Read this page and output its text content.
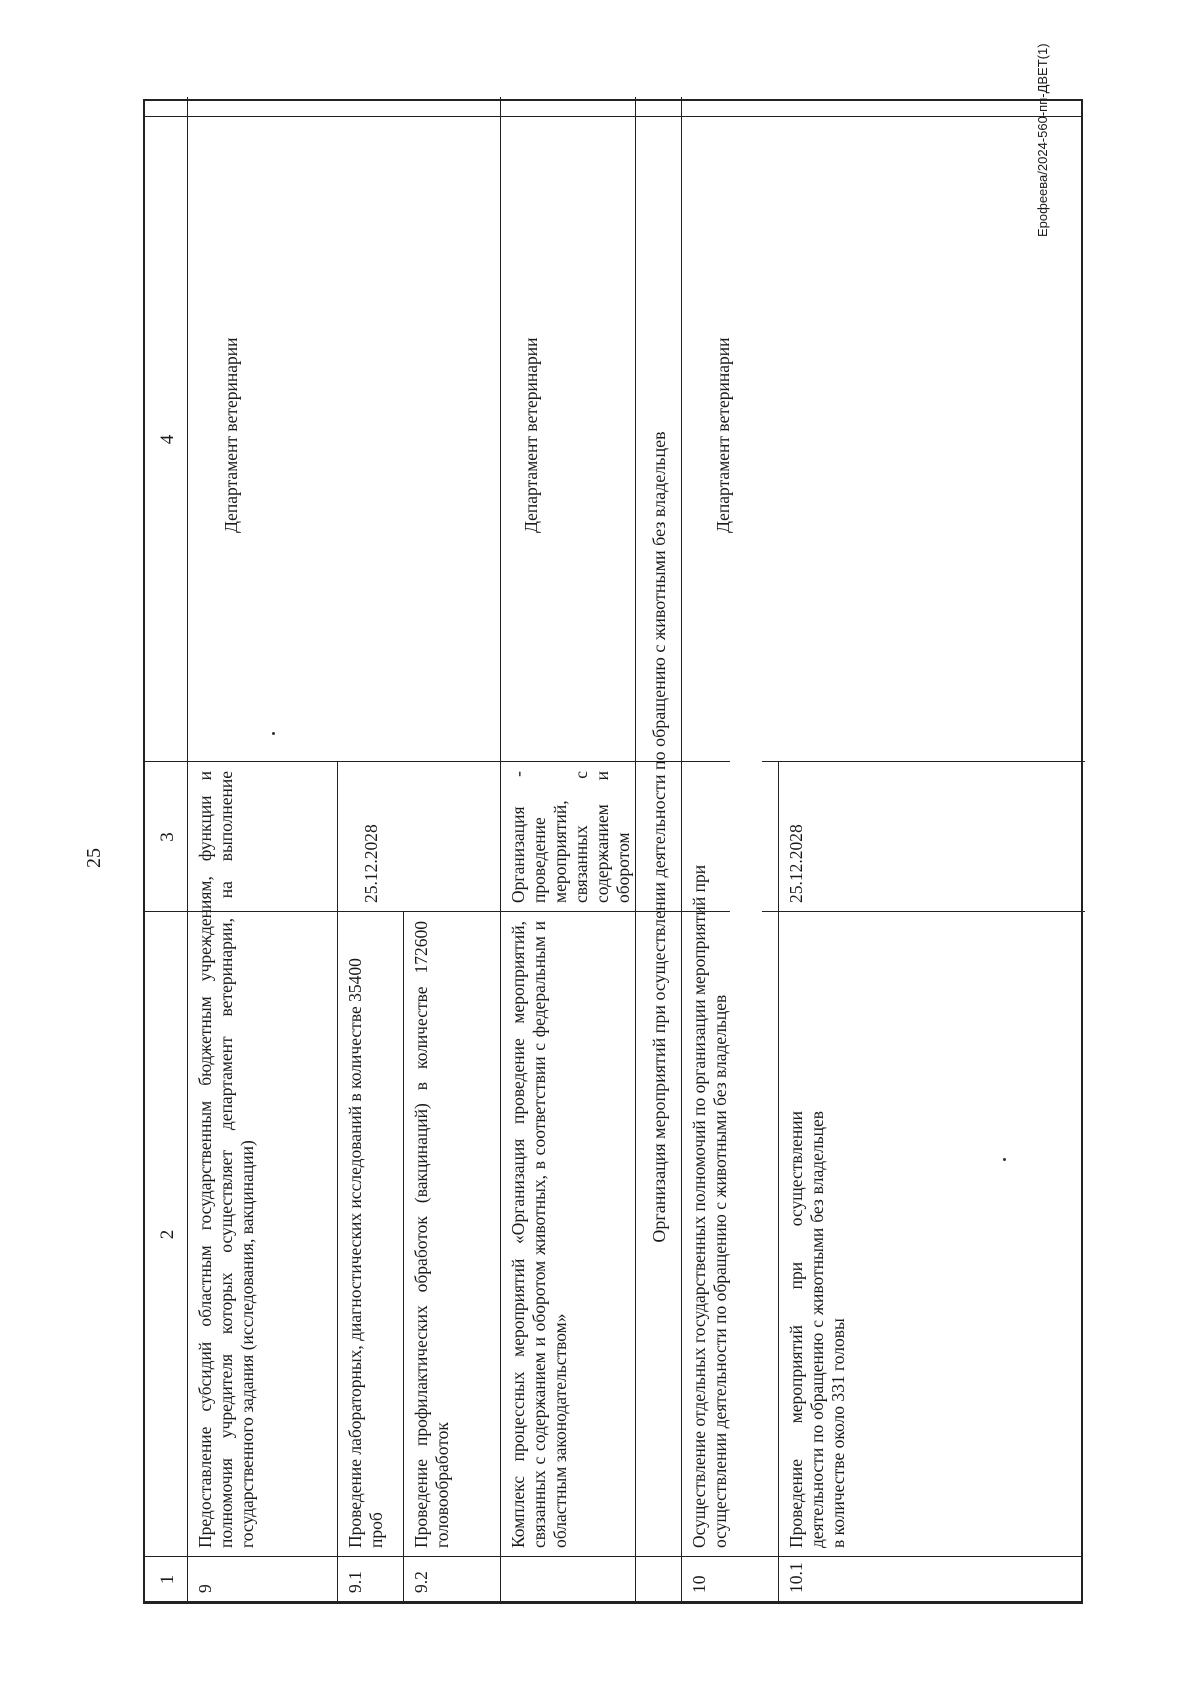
25
Ерофеева/2024-560-пп-ДВЕТ(1)
1
2
3
4
9
Предоставление субсидий областным государственным бюджетным учреждениям, функции и полномочия учредителя которых осуществляет департамент ветеринарии, на выполнение государственного задания (исследования, вакцинации)
Департамент ветеринарии
9.1
Проведение лабораторных, диагностических исследований в количестве 35400 проб
25.12.2028
9.2
Проведение профилактических обработок (вакцинаций) в количестве 172600 головообработок	Комплекс процессных мероприятий «Организация проведение мероприятий, связанных с содержанием и оборотом животных, в соответствии с федеральным и областным законодательством»
Организация - проведение мероприятий, связанных с содержанием и оборотом
Департамент ветеринарии	Организация мероприятий при осуществлении деятельности по обращению с животными без владельцев
10
Осуществление отдельных государственных полномочий по организации мероприятий при осуществлении деятельности по обращению с животными без владельцев
Департамент ветеринарии
10.1
Проведение мероприятий при осуществлении деятельности по обращению с животными без владельцев в количестве около 331 головы
25.12.2028
